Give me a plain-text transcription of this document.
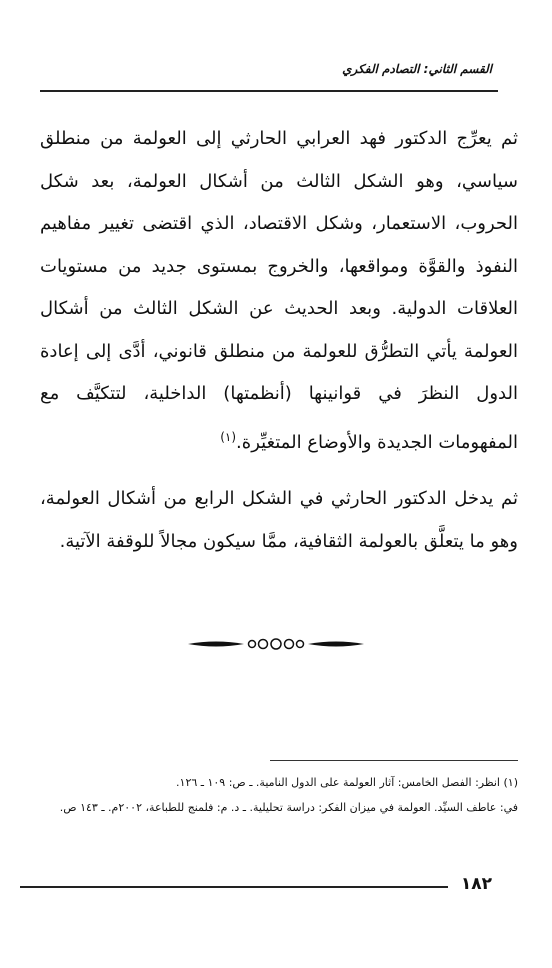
القسم الثاني: التصادم الفكري

ثم يعرِّج الدكتور فهد العرابي الحارثي إلى العولمة من منطلق سياسي، وهو الشكل الثالث من أشكال العولمة، بعد شكل الحروب، الاستعمار، وشكل الاقتصاد، الذي اقتضى تغيير مفاهيم النفوذ والقوَّة ومواقعها، والخروج بمستوى جديد من مستويات العلاقات الدولية. وبعد الحديث عن الشكل الثالث من أشكال العولمة يأتي التطرُّق للعولمة من منطلق قانوني، أدَّى إلى إعادة الدول النظرَ في قوانينها (أنظمتها) الداخلية، لتتكيَّف مع المفهومات الجديدة والأوضاع المتغيِّرة.$^{(١)}$

ثم يدخل الدكتور الحارثي في الشكل الرابع من أشكال العولمة، وهو ما يتعلَّق بالعولمة الثقافية، ممَّا سيكون مجالاً للوقفة الآتية.

(١) انظر: الفصل الخامس: آثار العولمة على الدول النامية. ـ ص: ١٠٩ ـ ١٢٦.

في: عاطف السيِّد. العولمة في ميزان الفكر: دراسة تحليلية. ـ د. م: فلمنج للطباعة، ٢٠٠٢م. ـ ١٤٣ ص.

١٨٢
